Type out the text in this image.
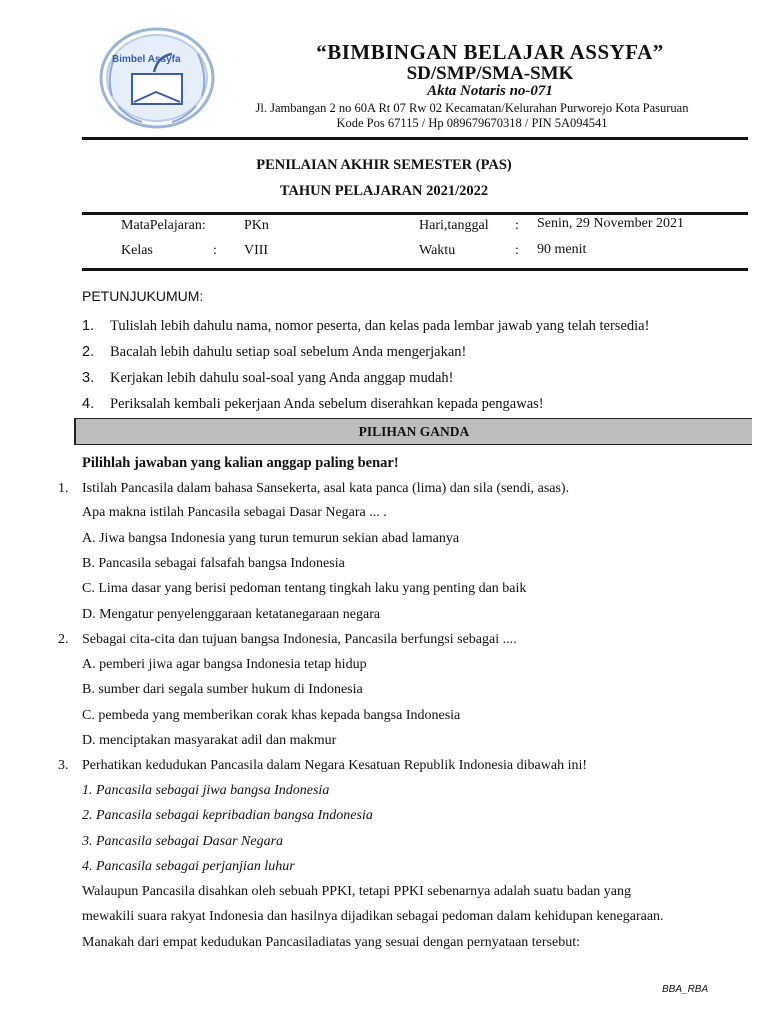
Bimbel Assyfa	“BIMBINGAN BELAJAR ASSYFA”
SD/SMP/SMA-SMK
Akta Notaris no-071
Jl. Jambangan 2 no 60A Rt 07 Rw 02 Kecamatan/Kelurahan Purworejo Kota Pasuruan
Kode Pos 67115 / Hp 089679670318 / PIN 5A094541
PENILAIAN AKHIR SEMESTER (PAS)
TAHUN PELAJARAN 2021/2022
MataPelajaran:	PKn	Hari,tanggal : Senin, 29 November 2021
Kelas	: VIII	Waktu	: 90 menit
PETUNJUKUMUM:
1. Tulislah lebih dahulu nama, nomor peserta, dan kelas pada lembar jawab yang telah tersedia!
2. Bacalah lebih dahulu setiap soal sebelum Anda mengerjakan!
3. Kerjakan lebih dahulu soal-soal yang Anda anggap mudah!
4. Periksalah kembali pekerjaan Anda sebelum diserahkan kepada pengawas!
PILIHAN GANDA
Pilihlah jawaban yang kalian anggap paling benar!
1. Istilah Pancasila dalam bahasa Sansekerta, asal kata panca (lima) dan sila (sendi, asas).
Apa makna istilah Pancasila sebagai Dasar Negara ... .
A. Jiwa bangsa Indonesia yang turun temurun sekian abad lamanya
B. Pancasila sebagai falsafah bangsa Indonesia
C. Lima dasar yang berisi pedoman tentang tingkah laku yang penting dan baik
D. Mengatur penyelenggaraan ketatanegaraan negara
2. Sebagai cita-cita dan tujuan bangsa Indonesia, Pancasila berfungsi sebagai ....
A. pemberi jiwa agar bangsa Indonesia tetap hidup
B. sumber dari segala sumber hukum di Indonesia
C. pembeda yang memberikan corak khas kepada bangsa Indonesia
D. menciptakan masyarakat adil dan makmur
3. Perhatikan kedudukan Pancasila dalam Negara Kesatuan Republik Indonesia dibawah ini!
1. Pancasila sebagai jiwa bangsa Indonesia
2. Pancasila sebagai kepribadian bangsa Indonesia
3. Pancasila sebagai Dasar Negara
4. Pancasila sebagai perjanjian luhur
Walaupun Pancasila disahkan oleh sebuah PPKI, tetapi PPKI sebenarnya adalah suatu badan yang
mewakili suara rakyat Indonesia dan hasilnya dijadikan sebagai pedoman dalam kehidupan kenegaraan.
Manakah dari empat kedudukan Pancasiladiatas yang sesuai dengan pernyataan tersebut:
BBA_RBA
